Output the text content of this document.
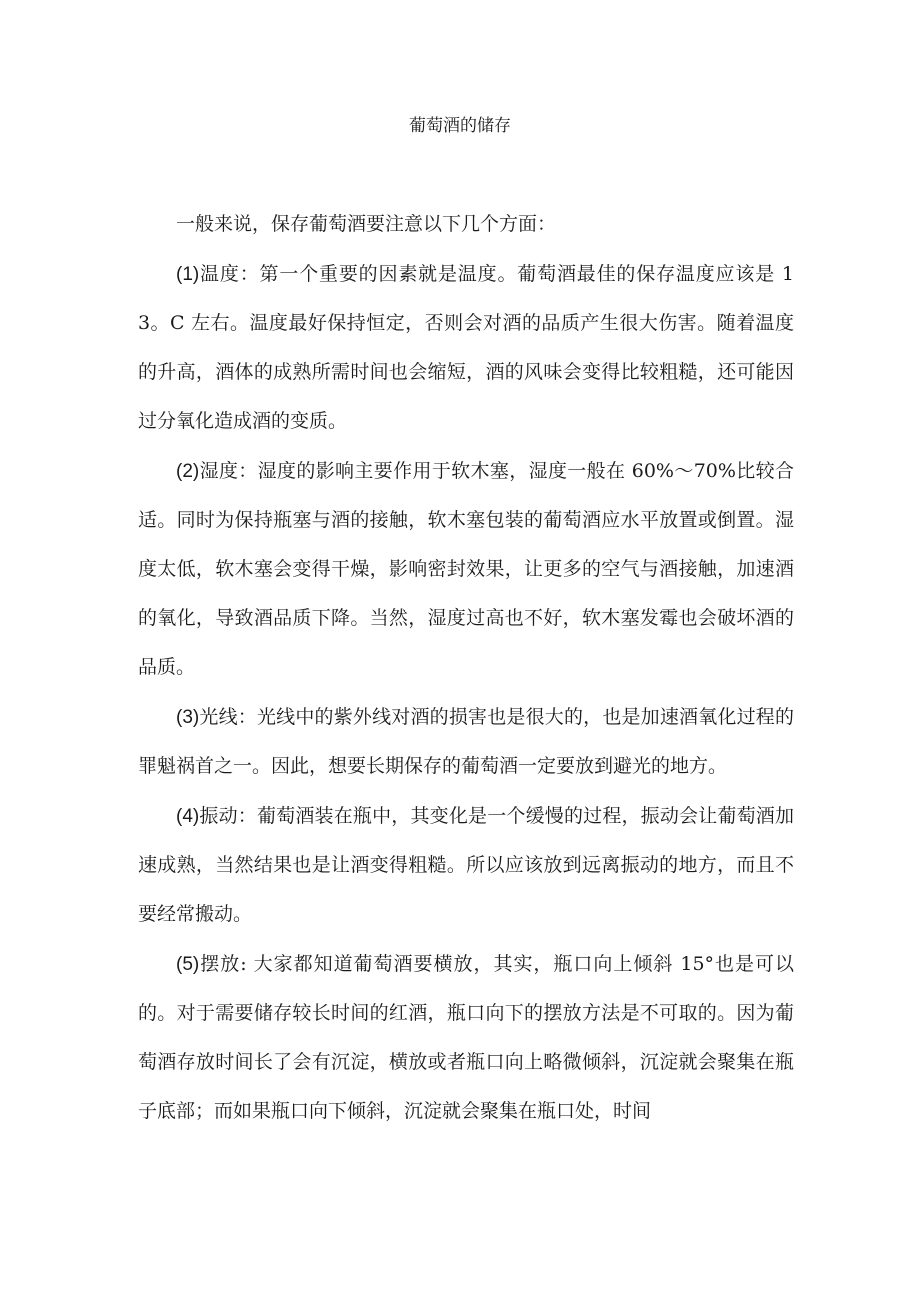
葡萄酒的储存

一般来说，保存葡萄酒要注意以下几个方面：

(1)温度：第一个重要的因素就是温度。葡萄酒最佳的保存温度应该是 13。C 左右。温度最好保持恒定，否则会对酒的品质产生很大伤害。随着温度的升高，酒体的成熟所需时间也会缩短，酒的风味会变得比较粗糙，还可能因过分氧化造成酒的变质。

(2)湿度：湿度的影响主要作用于软木塞，湿度一般在 60%～70%比较合适。同时为保持瓶塞与酒的接触，软木塞包装的葡萄酒应水平放置或倒置。湿度太低，软木塞会变得干燥，影响密封效果，让更多的空气与酒接触，加速酒的氧化，导致酒品质下降。当然，湿度过高也不好，软木塞发霉也会破坏酒的品质。

(3)光线：光线中的紫外线对酒的损害也是很大的，也是加速酒氧化过程的罪魁祸首之一。因此，想要长期保存的葡萄酒一定要放到避光的地方。

(4)振动：葡萄酒装在瓶中，其变化是一个缓慢的过程，振动会让葡萄酒加速成熟，当然结果也是让酒变得粗糙。所以应该放到远离振动的地方，而且不要经常搬动。

(5)摆放: 大家都知道葡萄酒要横放，其实，瓶口向上倾斜 15°也是可以的。对于需要储存较长时间的红酒，瓶口向下的摆放方法是不可取的。因为葡萄酒存放时间长了会有沉淀，横放或者瓶口向上略微倾斜，沉淀就会聚集在瓶子底部；而如果瓶口向下倾斜，沉淀就会聚集在瓶口处，时间
